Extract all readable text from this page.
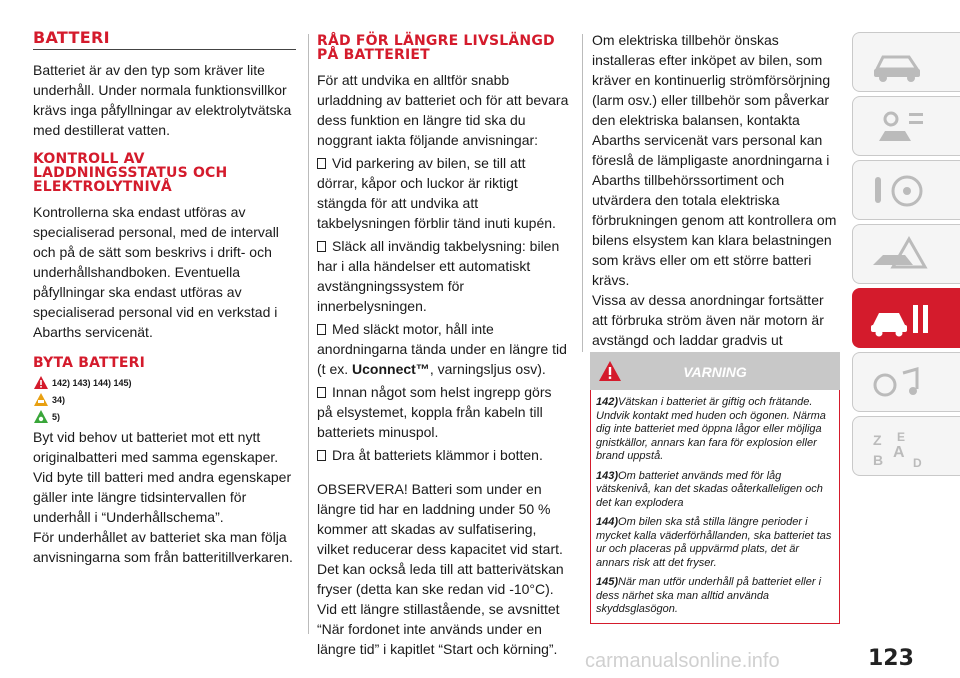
BATTERI
Batteriet är av den typ som kräver lite underhåll. Under normala funktionsvillkor krävs inga påfyllningar av elektrolytvätska med destillerat vatten.
KONTROLL AV LADDNINGSSTATUS OCH ELEKTROLYTNIVÅ
Kontrollerna ska endast utföras av specialiserad personal, med de intervall och på de sätt som beskrivs i drift- och underhållshandboken. Eventuella påfyllningar ska endast utföras av specialiserad personal vid en verkstad i Abarths servicenät.
BYTA BATTERI
142) 143) 144) 145)
34)
5)
Byt vid behov ut batteriet mot ett nytt originalbatteri med samma egenskaper. Vid byte till batteri med andra egenskaper gäller inte längre tidsintervallen för underhåll i “Underhållschema”.
För underhållet av batteriet ska man följa anvisningarna som från batteritillverkaren.
RÅD FÖR LÄNGRE LIVSLÄNGD PÅ BATTERIET
För att undvika en alltför snabb urladdning av batteriet och för att bevara dess funktion en längre tid ska du noggrant iakta följande anvisningar:
Vid parkering av bilen, se till att dörrar, kåpor och luckor är riktigt stängda för att undvika att takbelysningen förblir tänd inuti kupén.
Släck all invändig takbelysning: bilen har i alla händelser ett automatiskt avstängningssystem för innerbelysningen.
Med släckt motor, håll inte anordningarna tända under en längre tid (t ex. Uconnect™, varningsljus osv).
Innan något som helst ingrepp görs på elsystemet, koppla från kabeln till batteriets minuspol.
Dra åt batteriets klämmor i botten.
OBSERVERA! Batteri som under en längre tid har en laddning under 50 % kommer att skadas av sulfatisering, vilket reducerar dess kapacitet vid start. Det kan också leda till att batterivätskan fryser (detta kan ske redan vid -10°C). Vid ett längre stillastående, se avsnittet “När fordonet inte används under en längre tid” i kapitlet “Start och körning”.
Om elektriska tillbehör önskas installeras efter inköpet av bilen, som kräver en kontinuerlig strömförsörjning (larm osv.) eller tillbehör som påverkar den elektriska balansen, kontakta Abarths servicenät vars personal kan föreslå de lämpligaste anordningarna i Abarths tillbehörssortiment och utvärdera den totala elektriska förbrukningen genom att kontrollera om bilens elsystem kan klara belastningen som krävs eller om ett större batteri krävs.
Vissa av dessa anordningar fortsätter att förbruka ström även när motorn är avstängd och laddar gradvis ut
VARNING
142)Vätskan i batteriet är giftig och frätande. Undvik kontakt med huden och ögonen. Närma dig inte batteriet med öppna lågor eller möjliga gnistkällor, annars kan fara för explosion eller brand uppstå.
143)Om batteriet används med för låg vätskenivå, kan det skadas oåterkalleligen och det kan explodera
144)Om bilen ska stå stilla längre perioder i mycket kalla väderförhållanden, ska batteriet tas ur och placeras på uppvärmd plats, det är annars risk att det fryser.
145)När man utför underhåll på batteriet eller i dess närhet ska man alltid använda skyddsglasögon.
Z E
B A
D
123
carmanualsonline.info
